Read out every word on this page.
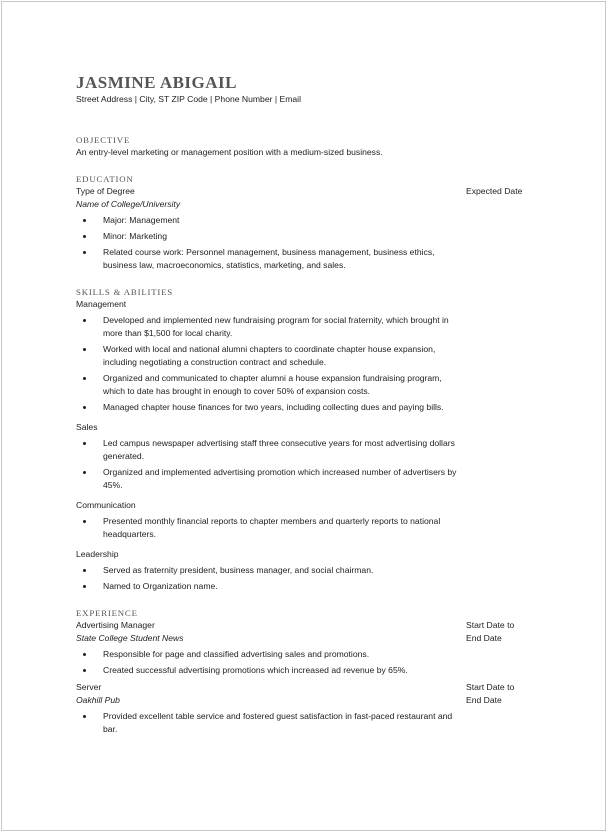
JASMINE ABIGAIL
Street Address | City, ST ZIP Code | Phone Number | Email
OBJECTIVE
An entry-level marketing or management position with a medium-sized business.
EDUCATION
Type of Degree	Expected Date
Name of College/University
Major: Management
Minor: Marketing
Related course work: Personnel management, business management, business ethics, business law, macroeconomics, statistics, marketing, and sales.
SKILLS & ABILITIES
Management
Developed and implemented new fundraising program for social fraternity, which brought in more than $1,500 for local charity.
Worked with local and national alumni chapters to coordinate chapter house expansion, including negotiating a construction contract and schedule.
Organized and communicated to chapter alumni a house expansion fundraising program, which to date has brought in enough to cover 50% of expansion costs.
Managed chapter house finances for two years, including collecting dues and paying bills.
Sales
Led campus newspaper advertising staff three consecutive years for most advertising dollars generated.
Organized and implemented advertising promotion which increased number of advertisers by 45%.
Communication
Presented monthly financial reports to chapter members and quarterly reports to national headquarters.
Leadership
Served as fraternity president, business manager, and social chairman.
Named to Organization name.
EXPERIENCE
Advertising Manager	Start Date to
State College Student News	End Date
Responsible for page and classified advertising sales and promotions.
Created successful advertising promotions which increased ad revenue by 65%.
Server	Start Date to
Oakhill Pub	End Date
Provided excellent table service and fostered guest satisfaction in fast-paced restaurant and bar.
